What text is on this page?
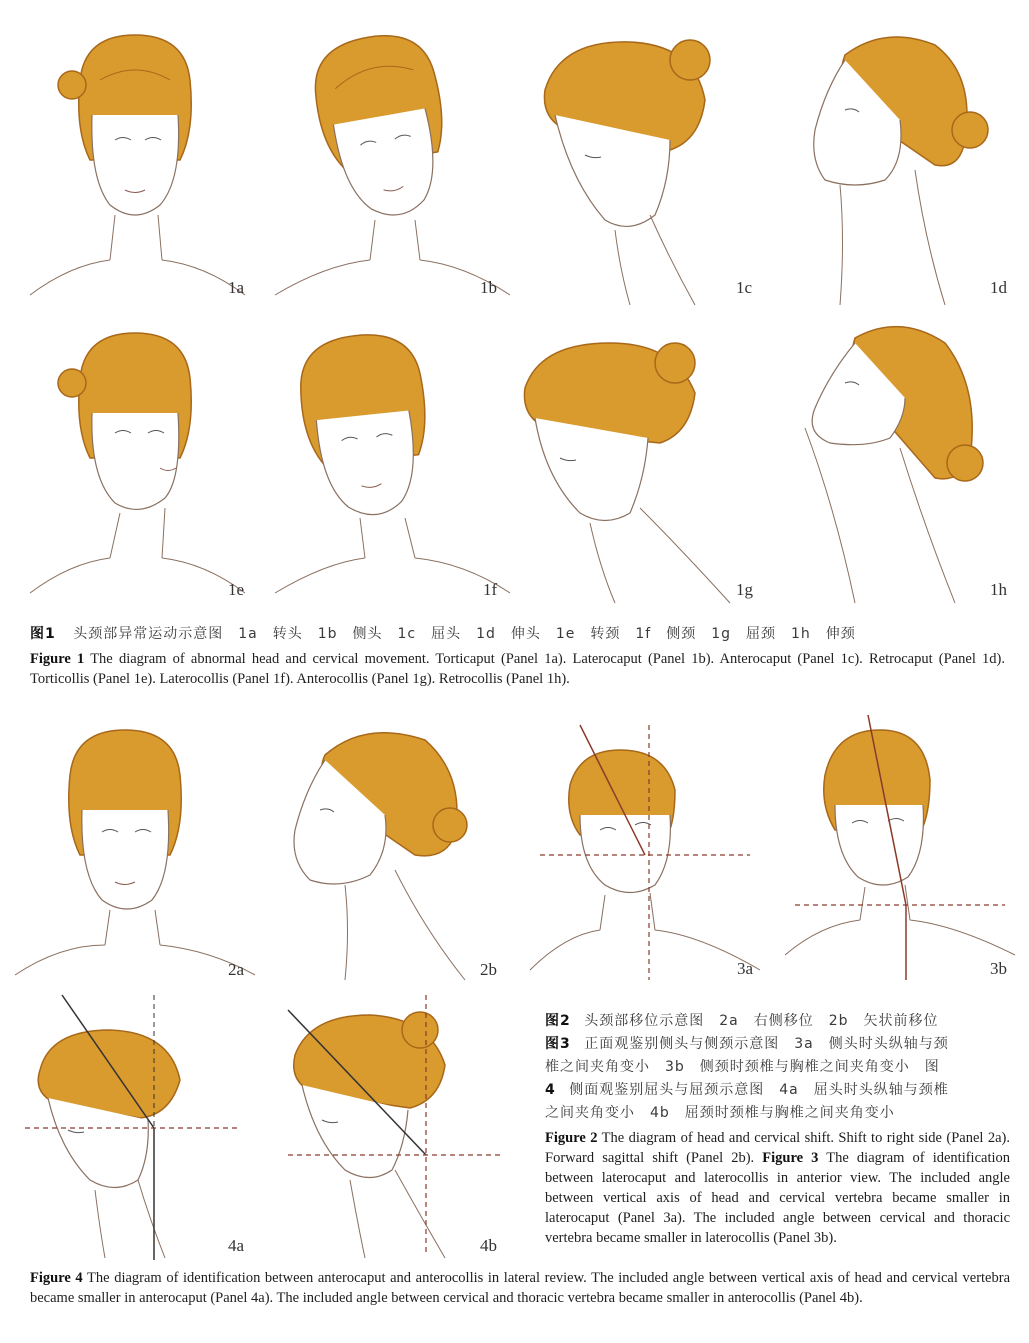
1a	1b	1c	1d
1e	1f	1g	1h
图1 头颈部异常运动示意图　1a　转头　1b　侧头　1c　屈头　1d　伸头　1e　转颈　1f　侧颈　1g　屈颈　1h　伸颈
Figure 1 The diagram of abnormal head and cervical movement. Torticaput (Panel 1a). Laterocaput (Panel 1b). Anterocaput (Panel 1c). Retrocaput (Panel 1d). Torticollis (Panel 1e). Laterocollis (Panel 1f). Anterocollis (Panel 1g). Retrocollis (Panel 1h).
2a	2b	3a	3b
4a	4b
图2 头颈部移位示意图　2a　右侧移位　2b　矢状前移位
图3 正面观鉴别侧头与侧颈示意图　3a　侧头时头纵轴与颈
椎之间夹角变小　3b　侧颈时颈椎与胸椎之间夹角变小　图
4 侧面观鉴别屈头与屈颈示意图　4a　屈头时头纵轴与颈椎
之间夹角变小　4b　屈颈时颈椎与胸椎之间夹角变小
Figure 2 The diagram of head and cervical shift. Shift to right side (Panel 2a). Forward sagittal shift (Panel 2b). Figure 3 The diagram of identification between laterocaput and laterocollis in anterior view. The included angle between vertical axis of head and cervical vertebra became smaller in laterocaput (Panel 3a). The included angle between cervical and thoracic vertebra became smaller in laterocollis (Panel 3b).
Figure 4 The diagram of identification between anterocaput and anterocollis in lateral review. The included angle between vertical axis of head and cervical vertebra became smaller in anterocaput (Panel 4a). The included angle between cervical and thoracic vertebra became smaller in anterocollis (Panel 4b).
